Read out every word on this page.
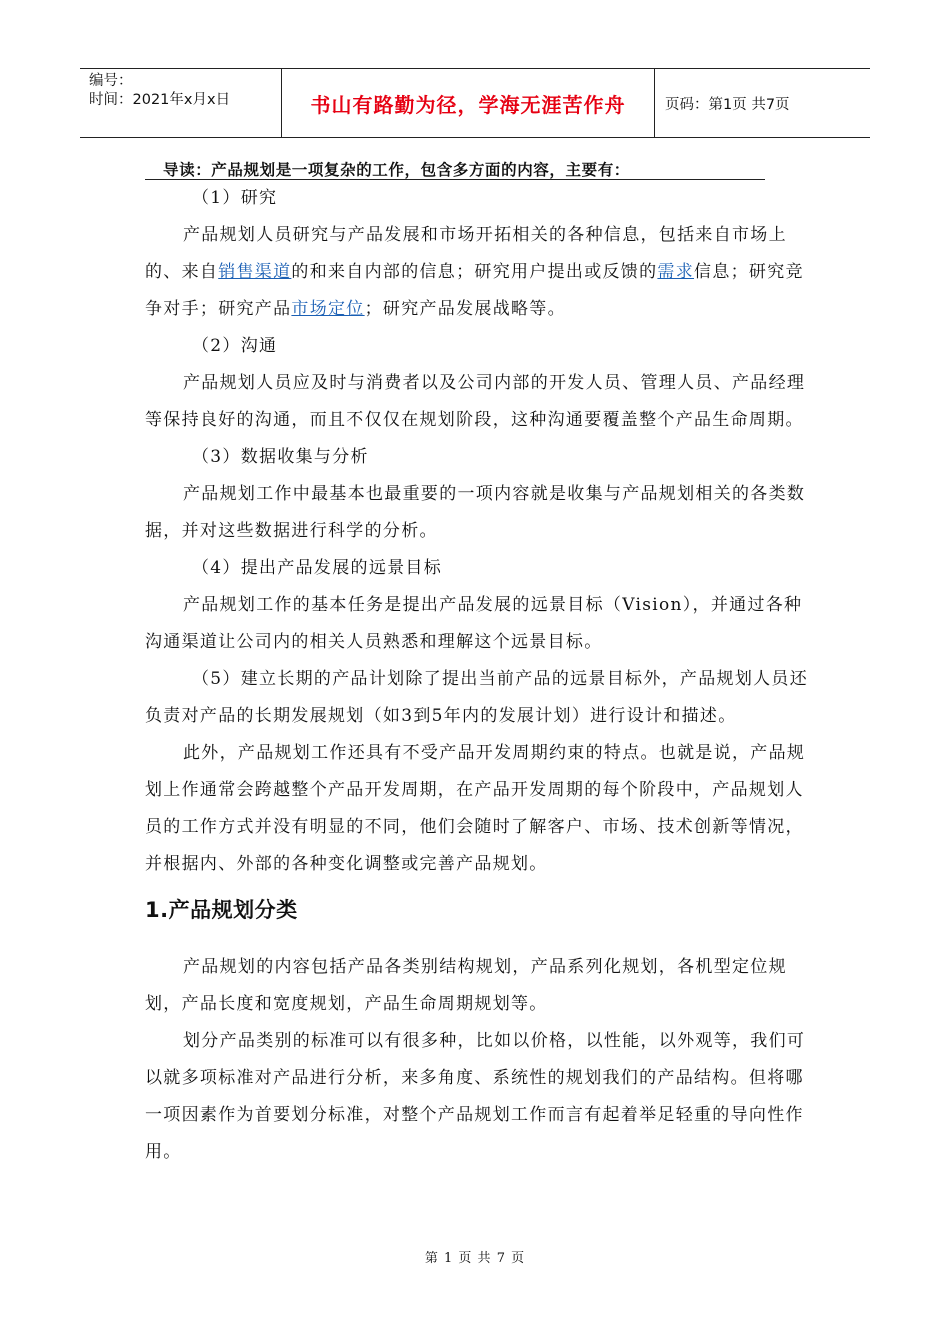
编号：
时间：2021年x月x日	书山有路勤为径，学海无涯苦作舟	页码：第1页 共7页
导读：产品规划是一项复杂的工作，包含多方面的内容，主要有：

（1）研究

产品规划人员研究与产品发展和市场开拓相关的各种信息，包括来自市场上的、来自销售渠道的和来自内部的信息；研究用户提出或反馈的需求信息；研究竞争对手；研究产品市场定位；研究产品发展战略等。

（2）沟通

产品规划人员应及时与消费者以及公司内部的开发人员、管理人员、产品经理等保持良好的沟通，而且不仅仅在规划阶段，这种沟通要覆盖整个产品生命周期。

（3）数据收集与分析

产品规划工作中最基本也最重要的一项内容就是收集与产品规划相关的各类数据，并对这些数据进行科学的分析。

（4）提出产品发展的远景目标

产品规划工作的基本任务是提出产品发展的远景目标（Vision），并通过各种沟通渠道让公司内的相关人员熟悉和理解这个远景目标。

（5）建立长期的产品计划除了提出当前产品的远景目标外，产品规划人员还负责对产品的长期发展规划（如3到5年内的发展计划）进行设计和描述。

此外，产品规划工作还具有不受产品开发周期约束的特点。也就是说，产品规划上作通常会跨越整个产品开发周期，在产品开发周期的每个阶段中，产品规划人员的工作方式并没有明显的不同，他们会随时了解客户、市场、技术创新等情况，并根据内、外部的各种变化调整或完善产品规划。

1.产品规划分类

产品规划的内容包括产品各类别结构规划，产品系列化规划，各机型定位规划，产品长度和宽度规划，产品生命周期规划等。

划分产品类别的标准可以有很多种，比如以价格，以性能，以外观等，我们可以就多项标准对产品进行分析，来多角度、系统性的规划我们的产品结构。但将哪一项因素作为首要划分标准，对整个产品规划工作而言有起着举足轻重的导向性作用。

第 1 页 共 7 页
